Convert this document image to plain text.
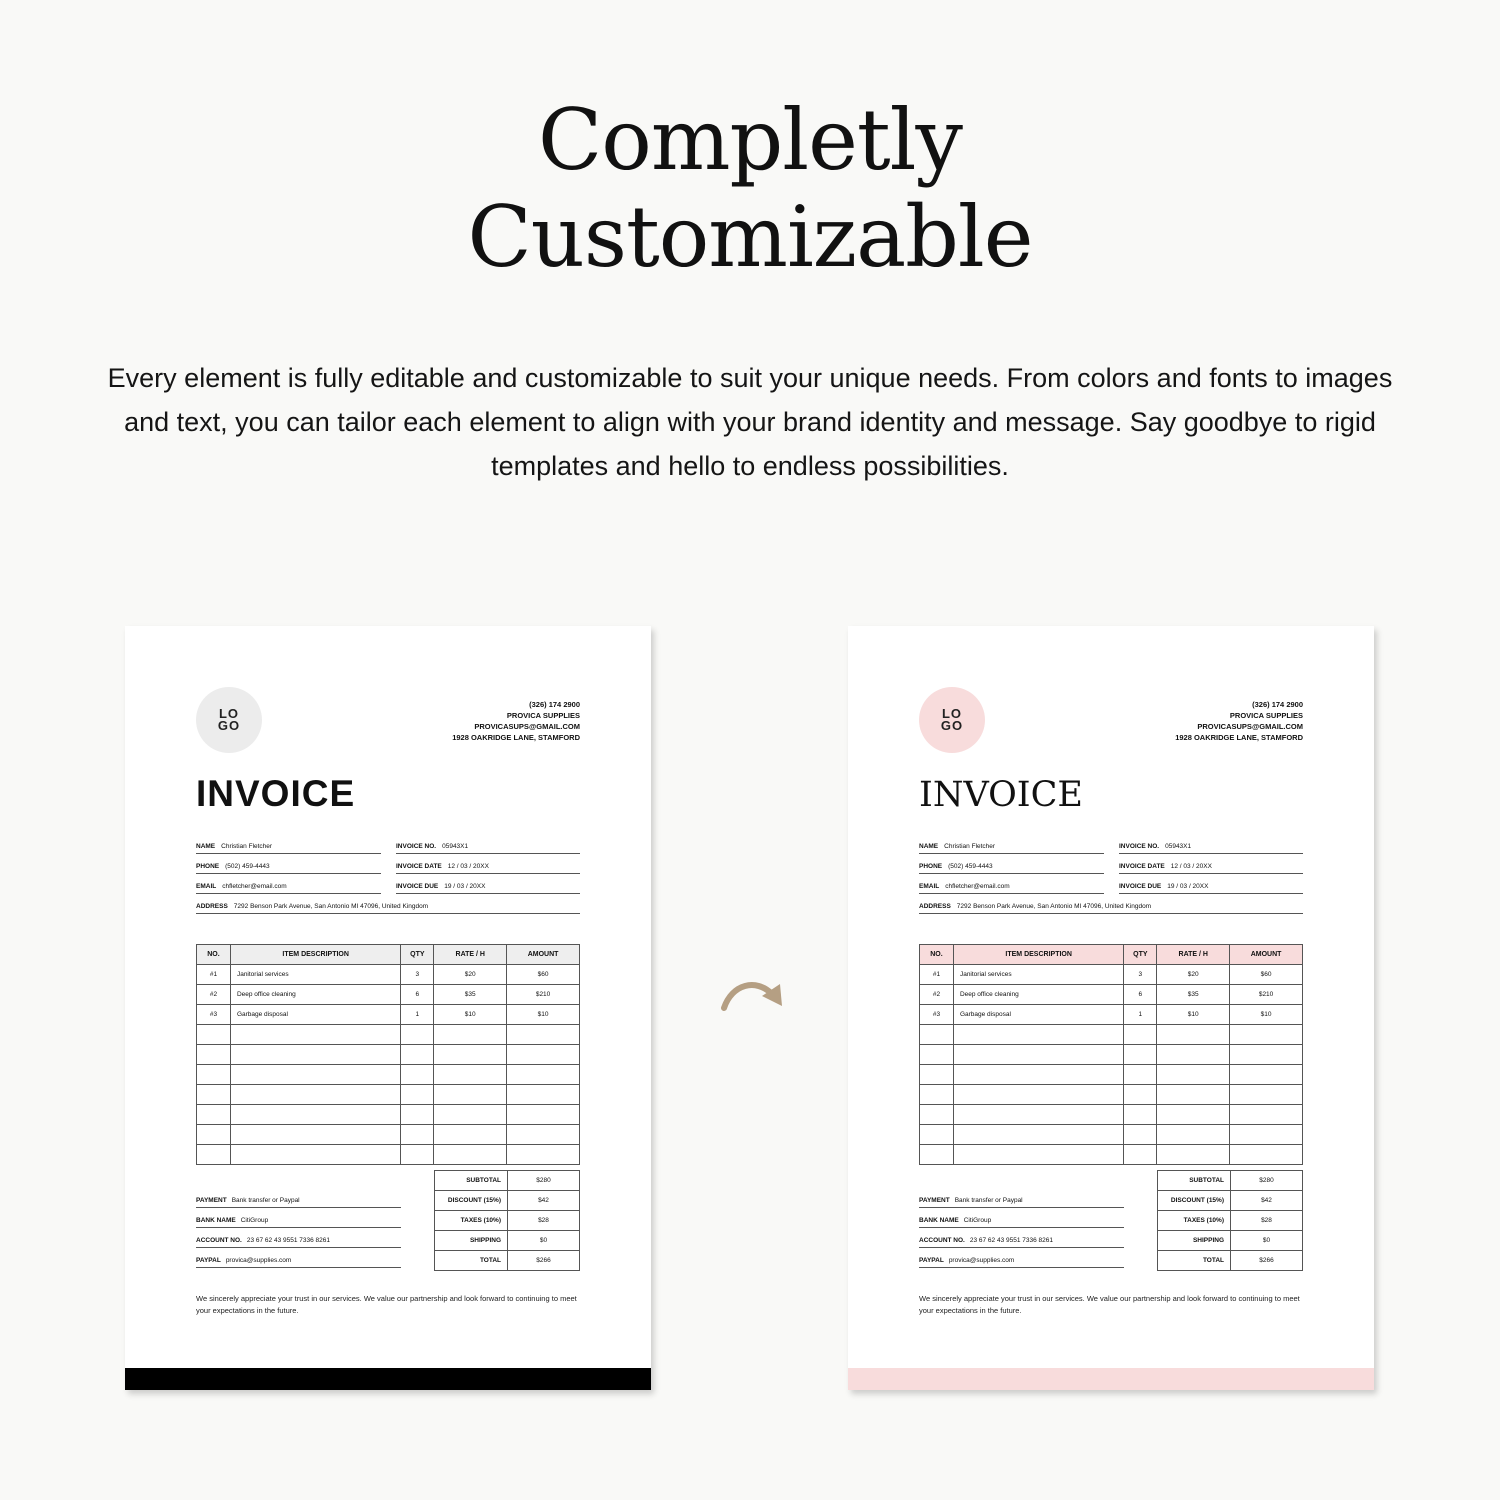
Completly
Customizable
Every element is fully editable and customizable to suit your unique needs. From colors and fonts to images and text, you can tailor each element to align with your brand identity and message. Say goodbye to rigid templates and hello to endless possibilities.
LO
GO
(326) 174 2900
PROVICA SUPPLIES
PROVICASUPS@GMAIL.COM
1928 OAKRIDGE LANE, STAMFORD
INVOICE
NAME Christian Fletcher	INVOICE NO. 05943X1
PHONE (502) 459-4443	INVOICE DATE 12 / 03 / 20XX
EMAIL chfletcher@email.com	INVOICE DUE 19 / 03 / 20XX
ADDRESS 7292 Benson Park Avenue, San Antonio MI 47096, United Kingdom
NO.	ITEM DESCRIPTION	QTY	RATE / H	AMOUNT
#1	Janitorial services	3	$20	$60
#2	Deep office cleaning	6	$35	$210
#3	Garbage disposal	1	$10	$10

SUBTOTAL	$280
DISCOUNT (15%)	$42
TAXES (10%)	$28
SHIPPING	$0
TOTAL	$266
PAYMENT Bank transfer or Paypal
BANK NAME CitiGroup
ACCOUNT NO. 23 67 62 43 9551 7336 8261
PAYPAL provica@supplies.com
We sincerely appreciate your trust in our services. We value our partnership and look forward to continuing to meet your expectations in the future.
LO
GO
(326) 174 2900
PROVICA SUPPLIES
PROVICASUPS@GMAIL.COM
1928 OAKRIDGE LANE, STAMFORD
INVOICE
NAME Christian Fletcher	INVOICE NO. 05943X1
PHONE (502) 459-4443	INVOICE DATE 12 / 03 / 20XX
EMAIL chfletcher@email.com	INVOICE DUE 19 / 03 / 20XX
ADDRESS 7292 Benson Park Avenue, San Antonio MI 47096, United Kingdom
NO.	ITEM DESCRIPTION	QTY	RATE / H	AMOUNT
#1	Janitorial services	3	$20	$60
#2	Deep office cleaning	6	$35	$210
#3	Garbage disposal	1	$10	$10

SUBTOTAL	$280
DISCOUNT (15%)	$42
TAXES (10%)	$28
SHIPPING	$0
TOTAL	$266
PAYMENT Bank transfer or Paypal
BANK NAME CitiGroup
ACCOUNT NO. 23 67 62 43 9551 7336 8261
PAYPAL provica@supplies.com
We sincerely appreciate your trust in our services. We value our partnership and look forward to continuing to meet your expectations in the future.
